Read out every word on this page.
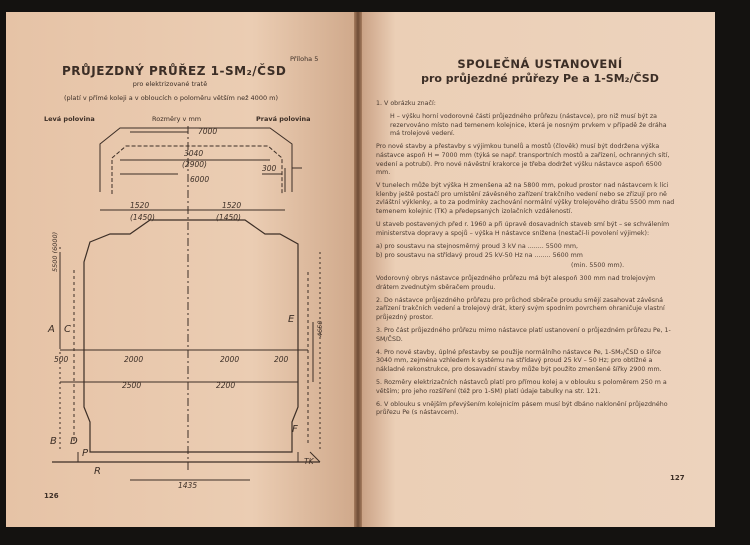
Příloha 5
PRŮJEZDNÝ PRŮŘEZ 1-SM₂/ČSD
pro elektrizované tratě
(platí v přímé koleji a v obloucích o poloměru větším než 4000 m)
Levá polovina	Rozměry v mm	Pravá polovina
126
7000
3040
(2900)
6000
300
1520
(1450)
1520
(1450)
2000	2000
500	200
2500	2200
1435
TK
5500 (6000)
4650
A
B
C
D
E
F
P
R
SPOLEČNÁ USTANOVENÍ
pro průjezdné průřezy Pe a 1-SM₂/ČSD

1. V obrázku značí:

H – výšku horní vodorovné části průjezdného průřezu (nástavce), pro niž musí být za rezervováno místo nad temenem kolejnice, která je nosným prvkem v případě že dráha má trolejové vedení.

Pro nové stavby a přestavby s výjimkou tunelů a mostů (člověk) musí být dodržena výška nástavce aspoň H = 7000 mm (týká se např. transportních mostů a zařízení, ochranných sítí, vedení a potrubí). Pro nové návěstní krakorce je třeba dodržet výšku nástavce aspoň 6500 mm.

V tunelech může být výška H zmenšena až na 5800 mm, pokud prostor nad nástavcem k líci klenby ještě postačí pro umístění závěsného zařízení trakčního vedení nebo se zřizují pro ně zvláštní výklenky, a to za podmínky zachování normální výšky trolejového drátu 5500 mm nad temenem kolejnic (TK) a předepsaných izolačních vzdáleností.

U staveb postavených před r. 1960 a při úpravě dosavadních staveb smí být – se schválením ministerstva dopravy a spojů – výška H nástavce snížena (nestačí-li povolení výjimek):

a) pro soustavu na stejnosměrný proud 3 kV na ........ 5500 mm,

b) pro soustavu na střídavý proud 25 kV-50 Hz na ........ 5600 mm

(min. 5500 mm).

Vodorovný obrys nástavce průjezdného průřezu má být alespoň 300 mm nad trolejovým drátem zvednutým sběračem proudu.

2. Do nástavce průjezdného průřezu pro průchod sběrače proudu smějí zasahovat závěsná zařízení trakčních vedení a trolejový drát, který svým spodním povrchem ohraničuje vlastní průjezdný prostor.

3. Pro část průjezdného průřezu mimo nástavce platí ustanovení o průjezdném průřezu Pe, 1-SM/ČSD.

4. Pro nové stavby, úplné přestavby se použije normálního nástavce Pe, 1-SM₂/ČSD o šířce 3040 mm, zejména vzhledem k systému na střídavý proud 25 kV – 50 Hz; pro obtížné a nákladné rekonstrukce, pro dosavadní stavby může být použito zmenšené šířky 2900 mm.

5. Rozměry elektrizačních nástavců platí pro přímou kolej a v oblouku s poloměrem 250 m a větším; pro jeho rozšíření (též pro 1-SM) platí údaje tabulky na str. 121.

6. V oblouku s vnějším převýšením kolejnicím pásem musí být dbáno naklonění průjezdného průřezu Pe (s nástavcem).

127
